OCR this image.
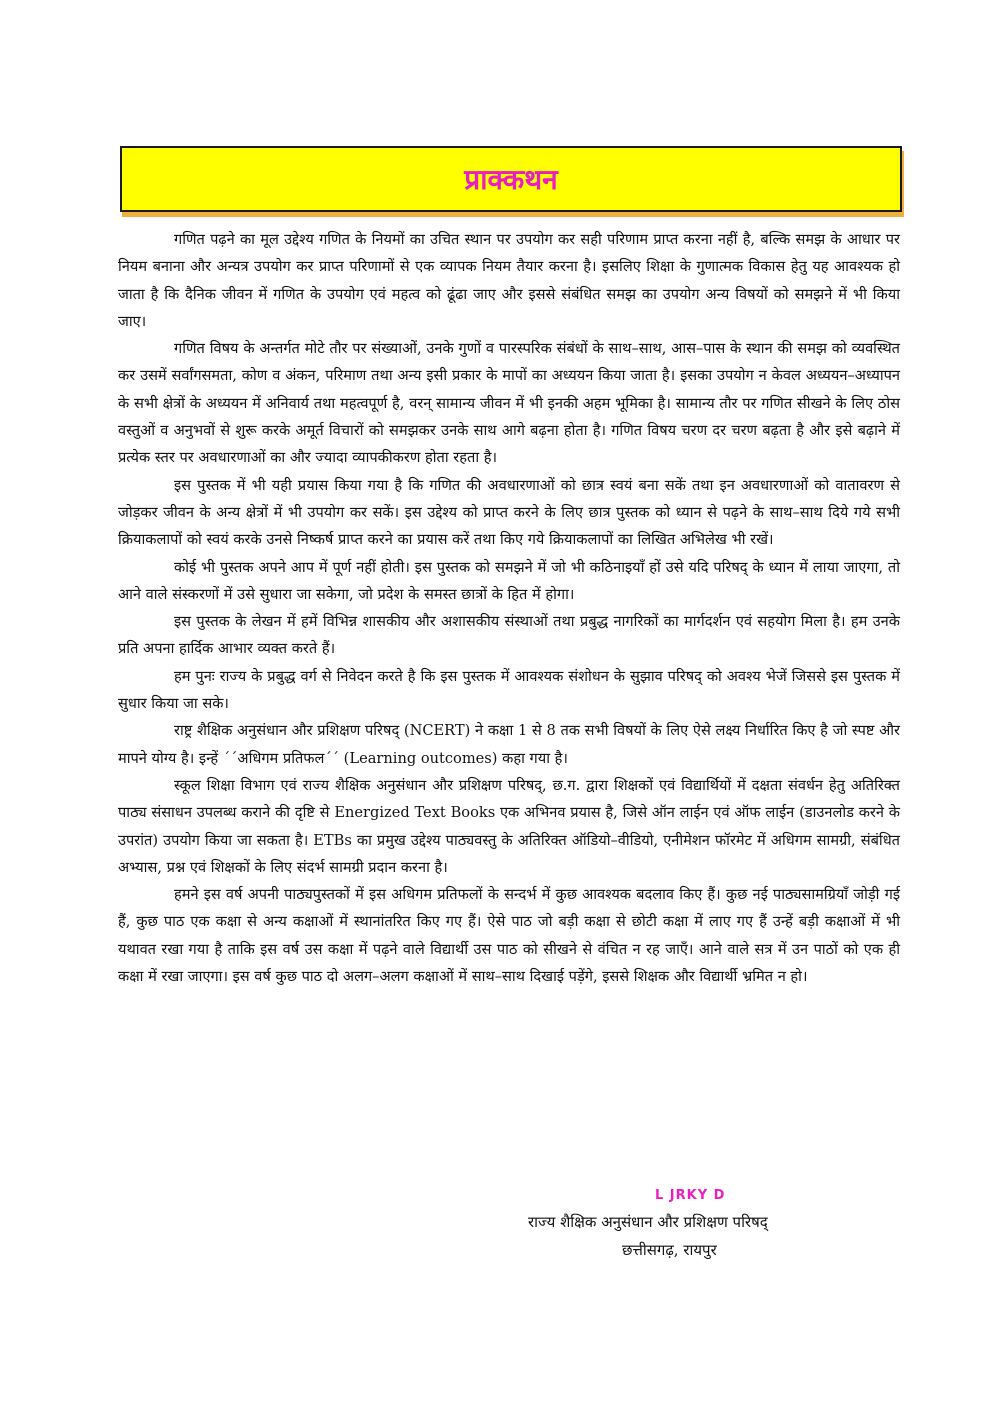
प्राक्कथन

गणित पढ़ने का मूल उद्देश्य गणित के नियमों का उचित स्थान पर उपयोग कर सही परिणाम प्राप्त करना नहीं है, बल्कि समझ के आधार पर नियम बनाना और अन्यत्र उपयोग कर प्राप्त परिणामों से एक व्यापक नियम तैयार करना है। इसलिए शिक्षा के गुणात्मक विकास हेतु यह आवश्यक हो जाता है कि दैनिक जीवन में गणित के उपयोग एवं महत्व को ढूंढा जाए और इससे संबंधित समझ का उपयोग अन्य विषयों को समझने में भी किया जाए।

गणित विषय के अन्तर्गत मोटे तौर पर संख्याओं, उनके गुणों व पारस्परिक संबंधों के साथ–साथ, आस–पास के स्थान की समझ को व्यवस्थित कर उसमें सर्वांगसमता, कोण व अंकन, परिमाण तथा अन्य इसी प्रकार के मापों का अध्ययन किया जाता है। इसका उपयोग न केवल अध्ययन–अध्यापन के सभी क्षेत्रों के अध्ययन में अनिवार्य तथा महत्वपूर्ण है, वरन् सामान्य जीवन में भी इनकी अहम भूमिका है। सामान्य तौर पर गणित सीखने के लिए ठोस वस्तुओं व अनुभवों से शुरू करके अमूर्त विचारों को समझकर उनके साथ आगे बढ़ना होता है। गणित विषय चरण दर चरण बढ़ता है और इसे बढ़ाने में प्रत्येक स्तर पर अवधारणाओं का और ज्यादा व्यापकीकरण होता रहता है।

इस पुस्तक में भी यही प्रयास किया गया है कि गणित की अवधारणाओं को छात्र स्वयं बना सकें तथा इन अवधारणाओं को वातावरण से जोड़कर जीवन के अन्य क्षेत्रों में भी उपयोग कर सकें। इस उद्देश्य को प्राप्त करने के लिए छात्र पुस्तक को ध्यान से पढ़ने के साथ–साथ दिये गये सभी क्रियाकलापों को स्वयं करके उनसे निष्कर्ष प्राप्त करने का प्रयास करें तथा किए गये क्रियाकलापों का लिखित अभिलेख भी रखें।

कोई भी पुस्तक अपने आप में पूर्ण नहीं होती। इस पुस्तक को समझने में जो भी कठिनाइयाँ हों उसे यदि परिषद् के ध्यान में लाया जाएगा, तो आने वाले संस्करणों में उसे सुधारा जा सकेगा, जो प्रदेश के समस्त छात्रों के हित में होगा।

इस पुस्तक के लेखन में हमें विभिन्न शासकीय और अशासकीय संस्थाओं तथा प्रबुद्ध नागरिकों का मार्गदर्शन एवं सहयोग मिला है। हम उनके प्रति अपना हार्दिक आभार व्यक्त करते हैं।

हम पुनः राज्य के प्रबुद्ध वर्ग से निवेदन करते है कि इस पुस्तक में आवश्यक संशोधन के सुझाव परिषद् को अवश्य भेजें जिससे इस पुस्तक में सुधार किया जा सके।

राष्ट्र शैक्षिक अनुसंधान और प्रशिक्षण परिषद् (NCERT) ने कक्षा 1 से 8 तक सभी विषयों के लिए ऐसे लक्ष्य निर्धारित किए है जो स्पष्ट और मापने योग्य है। इन्हें ´´अधिगम प्रतिफल´´ (Learning outcomes) कहा गया है।

स्कूल शिक्षा विभाग एवं राज्य शैक्षिक अनुसंधान और प्रशिक्षण परिषद्, छ.ग. द्वारा शिक्षकों एवं विद्यार्थियों में दक्षता संवर्धन हेतु अतिरिक्त पाठ्य संसाधन उपलब्ध कराने की दृष्टि से Energized Text Books एक अभिनव प्रयास है, जिसे ऑन लाईन एवं ऑफ लाईन (डाउनलोड करने के उपरांत) उपयोग किया जा सकता है। ETBs का प्रमुख उद्देश्य पाठ्यवस्तु के अतिरिक्त ऑडियो–वीडियो, एनीमेशन फॉरमेट में अधिगम सामग्री, संबंधित अभ्यास, प्रश्न एवं शिक्षकों के लिए संदर्भ सामग्री प्रदान करना है।

हमने इस वर्ष अपनी पाठ्यपुस्तकों में इस अधिगम प्रतिफलों के सन्दर्भ में कुछ आवश्यक बदलाव किए हैं। कुछ नई पाठ्यसामग्रियाँ जोड़ी गई हैं, कुछ पाठ एक कक्षा से अन्य कक्षाओं में स्थानांतरित किए गए हैं। ऐसे पाठ जो बड़ी कक्षा से छोटी कक्षा में लाए गए हैं उन्हें बड़ी कक्षाओं में भी यथावत रखा गया है ताकि इस वर्ष उस कक्षा में पढ़ने वाले विद्यार्थी उस पाठ को सीखने से वंचित न रह जाएँ। आने वाले सत्र में उन पाठों को एक ही कक्षा में रखा जाएगा। इस वर्ष कुछ पाठ दो अलग–अलग कक्षाओं में साथ–साथ दिखाई पड़ेंगे, इससे शिक्षक और विद्यार्थी भ्रमित न हो।

L JRKY D
राज्य शैक्षिक अनुसंधान और प्रशिक्षण परिषद्
छत्तीसगढ़, रायपुर
